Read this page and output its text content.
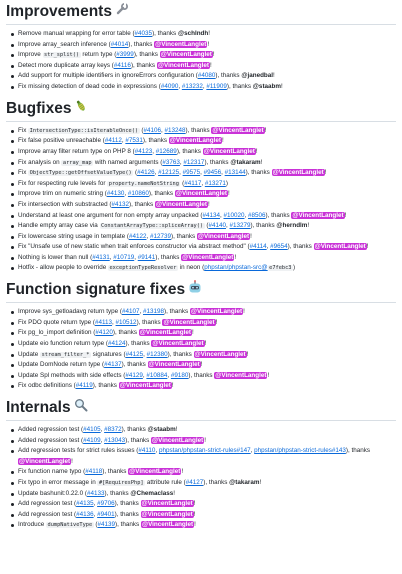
Improvements
Remove manual wrapping for error table (#4035), thanks @schlndh!
Improve array_search inference (#4014), thanks @VincentLanglet!
Improve str_split() return type (#3999), thanks @VincentLanglet!
Detect more duplicate array keys (#4116), thanks @VincentLanglet!
Add support for multiple identifiers in ignoreErrors configuration (#4080), thanks @janedbal!
Fix missing detection of dead code in expressions (#4090, #13232, #11909), thanks @staabm!
Bugfixes
Fix IntersectionType::isIterableOnce() (#4106, #13248), thanks @VincentLanglet!
Fix false positive unreachable (#4112, #7531), thanks @VincentLanglet!
Improve array filter return type on PHP 8 (#4123, #12689), thanks @VincentLanglet!
Fix analysis on array_map with named arguments (#3763, #12317), thanks @takaram!
Fix ObjectType::getOffsetValueType() (#4126, #12125, #9575, #9456, #13144), thanks @VincentLanglet!
Fix for respecting rule levels for property.nameNotString (#4117, #13271)
Improve trim on numeric string (#4130, #10860), thanks @VincentLanglet!
Fix intersection with substracted (#4132), thanks @VincentLanglet!
Understand at least one argument for non empty array unpacked (#4134, #10020, #8506), thanks @VincentLanglet!
Handle empty array case via ConstantArrayType::spliceArray() (#4140, #13279), thanks @herndlm!
Fix lowercase string usage in template (#4122, #12739), thanks @VincentLanglet!
Fix "Unsafe use of new static when trait enforces constructor via abstract method" (#4114, #9654), thanks @VincentLanglet!
Nothing is lower than null (#4131, #10719, #9141), thanks @VincentLanglet!
Hotfix - allow people to override exceptionTypeResolver in neon (phpstan/phpstan-src@ e7febc3 )
Function signature fixes
Improve sys_getloadavg return type (#4107, #13198), thanks @VincentLanglet!
Fix PDO quote return type (#4113, #10512), thanks @VincentLanglet!
Fix pg_lo_import definition (#4120), thanks @VincentLanglet!
Update eio function return type (#4124), thanks @VincentLanglet!
Update stream_filter_* signatures (#4125, #12380), thanks @VincentLanglet!
Update DomNode return type (#4137), thanks @VincentLanglet!
Update Spl methods with side effects (#4129, #10884, #9180), thanks @VincentLanglet!
Fix odbc definitions (#4119), thanks @VincentLanglet!
Internals
Added regression test (#4105, #8372), thanks @staabm!
Added regression test (#4109, #13043), thanks @VincentLanglet!
Add regression tests for strict rules issues (#4110, phpstan/phpstan-strict-rules#147, phpstan/phpstan-strict-rules#143), thanks @VincentLanglet!
Fix function name typo (#4118), thanks @VincentLanglet!
Fix typo in error message in #[RequiresPhp] attribute rule (#4127), thanks @takaram!
Update bashunit:0.22.0 (#4133), thanks @Chemaclass!
Add regression test (#4135, #9706), thanks @VincentLanglet!
Add regression test (#4136, #9401), thanks @VincentLanglet!
Introduce dumpNativeType (#4139), thanks @VincentLanglet!
